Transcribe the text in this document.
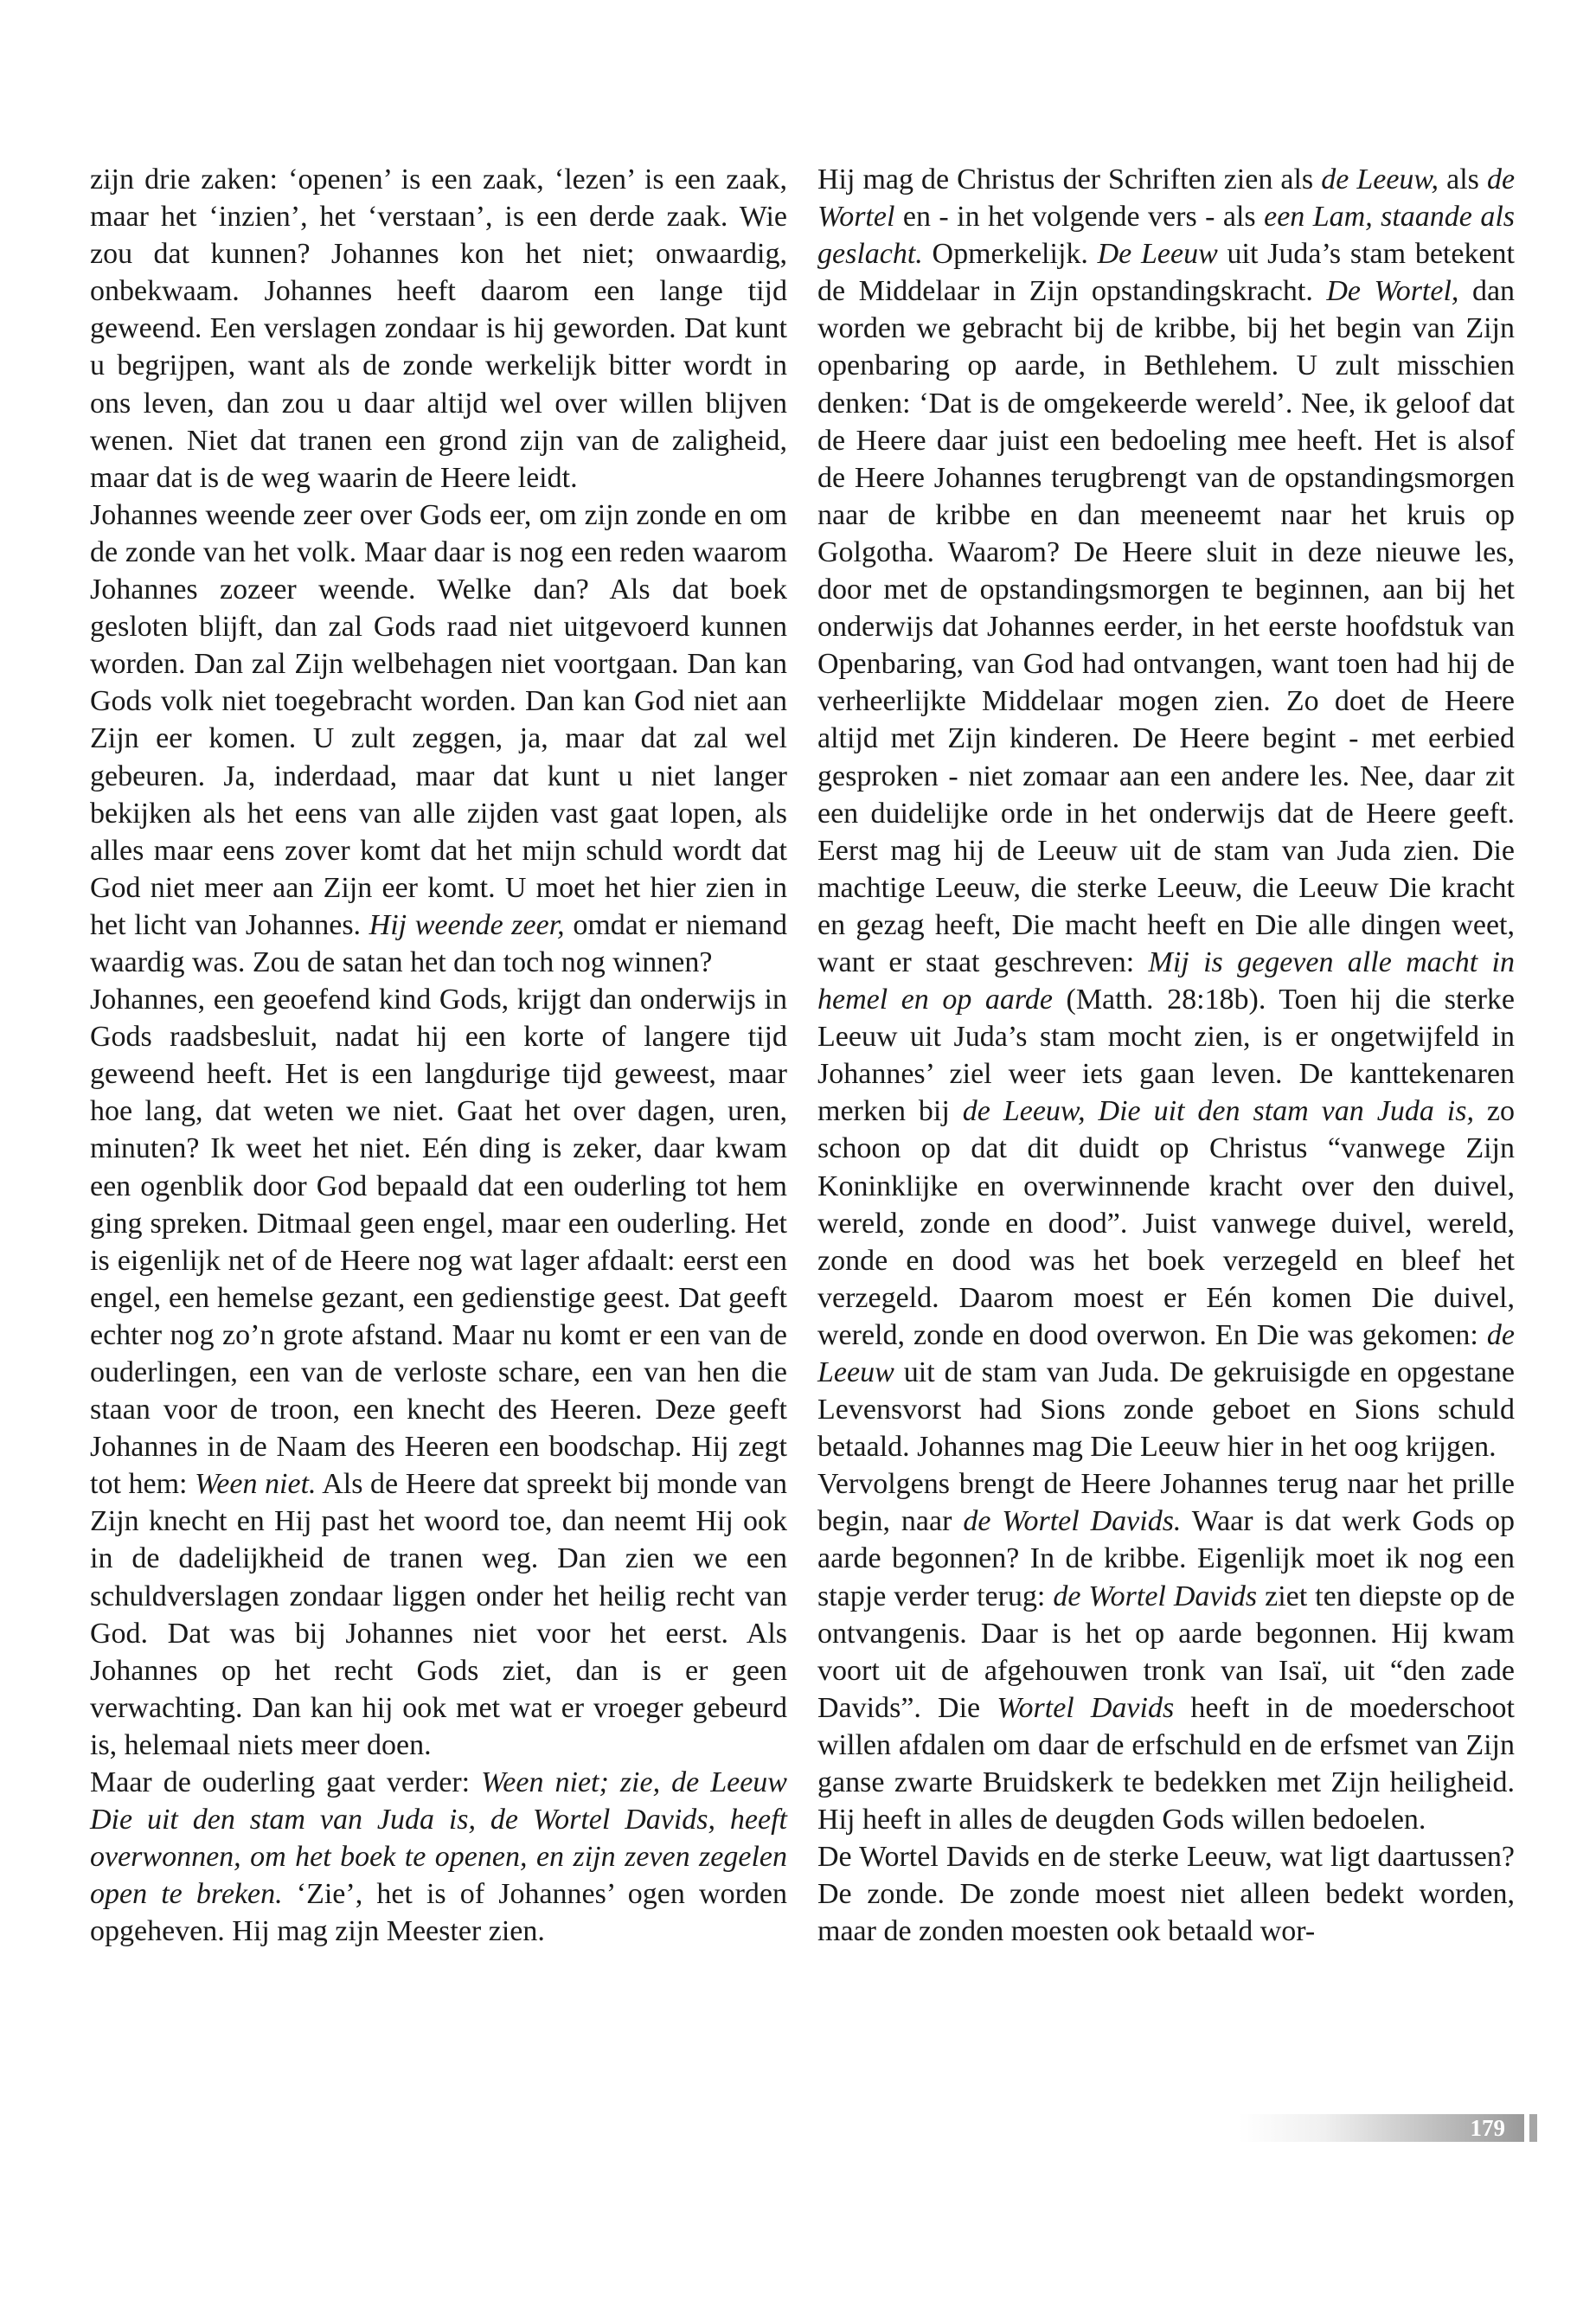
zijn drie zaken: ‘openen’ is een zaak, ‘lezen’ is een zaak, maar het ‘inzien’, het ‘verstaan’, is een derde zaak. Wie zou dat kunnen? Johannes kon het niet; onwaardig, onbekwaam. Johannes heeft daarom een lange tijd geweend. Een verslagen zondaar is hij geworden. Dat kunt u begrijpen, want als de zonde werkelijk bitter wordt in ons leven, dan zou u daar altijd wel over willen blijven wenen. Niet dat tranen een grond zijn van de zaligheid, maar dat is de weg waarin de Heere leidt.

Johannes weende zeer over Gods eer, om zijn zonde en om de zonde van het volk. Maar daar is nog een reden waarom Johannes zozeer weende. Welke dan? Als dat boek gesloten blijft, dan zal Gods raad niet uitgevoerd kunnen worden. Dan zal Zijn welbehagen niet voortgaan. Dan kan Gods volk niet toegebracht worden. Dan kan God niet aan Zijn eer komen. U zult zeggen, ja, maar dat zal wel gebeuren. Ja, inderdaad, maar dat kunt u niet langer bekijken als het eens van alle zijden vast gaat lopen, als alles maar eens zover komt dat het mijn schuld wordt dat God niet meer aan Zijn eer komt. U moet het hier zien in het licht van Johannes. Hij weende zeer, omdat er niemand waardig was. Zou de satan het dan toch nog winnen?

Johannes, een geoefend kind Gods, krijgt dan onderwijs in Gods raadsbesluit, nadat hij een korte of langere tijd geweend heeft. Het is een langdurige tijd geweest, maar hoe lang, dat weten we niet. Gaat het over dagen, uren, minuten? Ik weet het niet. Eén ding is zeker, daar kwam een ogenblik door God bepaald dat een ouderling tot hem ging spreken. Ditmaal geen engel, maar een ouderling. Het is eigenlijk net of de Heere nog wat lager afdaalt: eerst een engel, een hemelse gezant, een gedienstige geest. Dat geeft echter nog zo’n grote afstand. Maar nu komt er een van de ouderlingen, een van de verloste schare, een van hen die staan voor de troon, een knecht des Heeren. Deze geeft Johannes in de Naam des Heeren een boodschap. Hij zegt tot hem: Ween niet. Als de Heere dat spreekt bij monde van Zijn knecht en Hij past het woord toe, dan neemt Hij ook in de dadelijkheid de tranen weg. Dan zien we een schuldverslagen zondaar liggen onder het heilig recht van God. Dat was bij Johannes niet voor het eerst. Als Johannes op het recht Gods ziet, dan is er geen verwachting. Dan kan hij ook met wat er vroeger gebeurd is, helemaal niets meer doen.

Maar de ouderling gaat verder: Ween niet; zie, de Leeuw Die uit den stam van Juda is, de Wortel Davids, heeft overwonnen, om het boek te openen, en zijn zeven zegelen open te breken. ‘Zie’, het is of Johannes’ ogen worden opgeheven. Hij mag zijn Meester zien.

Hij mag de Christus der Schriften zien als de Leeuw, als de Wortel en - in het volgende vers - als een Lam, staande als geslacht. Opmerkelijk. De Leeuw uit Juda’s stam betekent de Middelaar in Zijn opstandingskracht. De Wortel, dan worden we gebracht bij de kribbe, bij het begin van Zijn openbaring op aarde, in Bethlehem. U zult misschien denken: ‘Dat is de omgekeerde wereld’. Nee, ik geloof dat de Heere daar juist een bedoeling mee heeft. Het is alsof de Heere Johannes terugbrengt van de opstandingsmorgen naar de kribbe en dan meeneemt naar het kruis op Golgotha. Waarom? De Heere sluit in deze nieuwe les, door met de opstandingsmorgen te beginnen, aan bij het onderwijs dat Johannes eerder, in het eerste hoofdstuk van Openbaring, van God had ontvangen, want toen had hij de verheerlijkte Middelaar mogen zien. Zo doet de Heere altijd met Zijn kinderen. De Heere begint - met eerbied gesproken - niet zomaar aan een andere les. Nee, daar zit een duidelijke orde in het onderwijs dat de Heere geeft. Eerst mag hij de Leeuw uit de stam van Juda zien. Die machtige Leeuw, die sterke Leeuw, die Leeuw Die kracht en gezag heeft, Die macht heeft en Die alle dingen weet, want er staat geschreven: Mij is gegeven alle macht in hemel en op aarde (Matth. 28:18b). Toen hij die sterke Leeuw uit Juda’s stam mocht zien, is er ongetwijfeld in Johannes’ ziel weer iets gaan leven. De kanttekenaren merken bij de Leeuw, Die uit den stam van Juda is, zo schoon op dat dit duidt op Christus “vanwege Zijn Koninklijke en overwinnende kracht over den duivel, wereld, zonde en dood”. Juist vanwege duivel, wereld, zonde en dood was het boek verzegeld en bleef het verzegeld. Daarom moest er Eén komen Die duivel, wereld, zonde en dood overwon. En Die was gekomen: de Leeuw uit de stam van Juda. De gekruisigde en opgestane Levensvorst had Sions zonde geboet en Sions schuld betaald. Johannes mag Die Leeuw hier in het oog krijgen.

Vervolgens brengt de Heere Johannes terug naar het prille begin, naar de Wortel Davids. Waar is dat werk Gods op aarde begonnen? In de kribbe. Eigenlijk moet ik nog een stapje verder terug: de Wortel Davids ziet ten diepste op de ontvangenis. Daar is het op aarde begonnen. Hij kwam voort uit de afgehouwen tronk van Isaï, uit “den zade Davids”. Die Wortel Davids heeft in de moederschoot willen afdalen om daar de erfschuld en de erfsmet van Zijn ganse zwarte Bruidskerk te bedekken met Zijn heiligheid. Hij heeft in alles de deugden Gods willen bedoelen.

De Wortel Davids en de sterke Leeuw, wat ligt daartussen? De zonde. De zonde moest niet alleen bedekt worden, maar de zonden moesten ook betaald wor-

179
